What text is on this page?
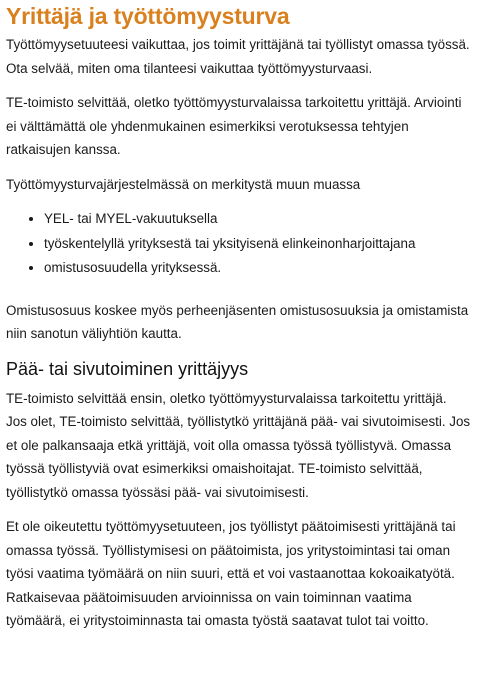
Yrittäjä ja työttömyysturva

Työttömyysetuuteesi vaikuttaa, jos toimit yrittäjänä tai työllistyt omassa työssä. Ota selvää, miten oma tilanteesi vaikuttaa työttömyysturvaasi.

TE-toimisto selvittää, oletko työttömyysturvalaissa tarkoitettu yrittäjä. Arviointi ei välttämättä ole yhdenmukainen esimerkiksi verotuksessa tehtyjen ratkaisujen kanssa.

Työttömyysturvajärjestelmässä on merkitystä muun muassa

• YEL- tai MYEL-vakuutuksella
• työskentelyllä yrityksestä tai yksityisenä elinkeinonharjoittajana
• omistusosuudella yrityksessä.

Omistusosuus koskee myös perheenjäsenten omistusosuuksia ja omistamista niin sanotun väliyhtiön kautta.

Pää- tai sivutoiminen yrittäjyys

TE-toimisto selvittää ensin, oletko työttömyysturvalaissa tarkoitettu yrittäjä. Jos olet, TE-toimisto selvittää, työllistytkö yrittäjänä pää- vai sivutoimisesti. Jos et ole palkansaaja etkä yrittäjä, voit olla omassa työssä työllistyvä. Omassa työssä työllistyviä ovat esimerkiksi omaishoitajat. TE-toimisto selvittää, työllistytkö omassa työssäsi pää- vai sivutoimisesti.

Et ole oikeutettu työttömyysetuuteen, jos työllistyt päätoimisesti yrittäjänä tai omassa työssä. Työllistymisesi on päätoimista, jos yritystoimintasi tai oman työsi vaatima työmäärä on niin suuri, että et voi vastaanottaa kokoaikatyötä. Ratkaisevaa päätoimisuuden arvioinnissa on vain toiminnan vaatima työmäärä, ei yritystoiminnasta tai omasta työstä saatavat tulot tai voitto.
